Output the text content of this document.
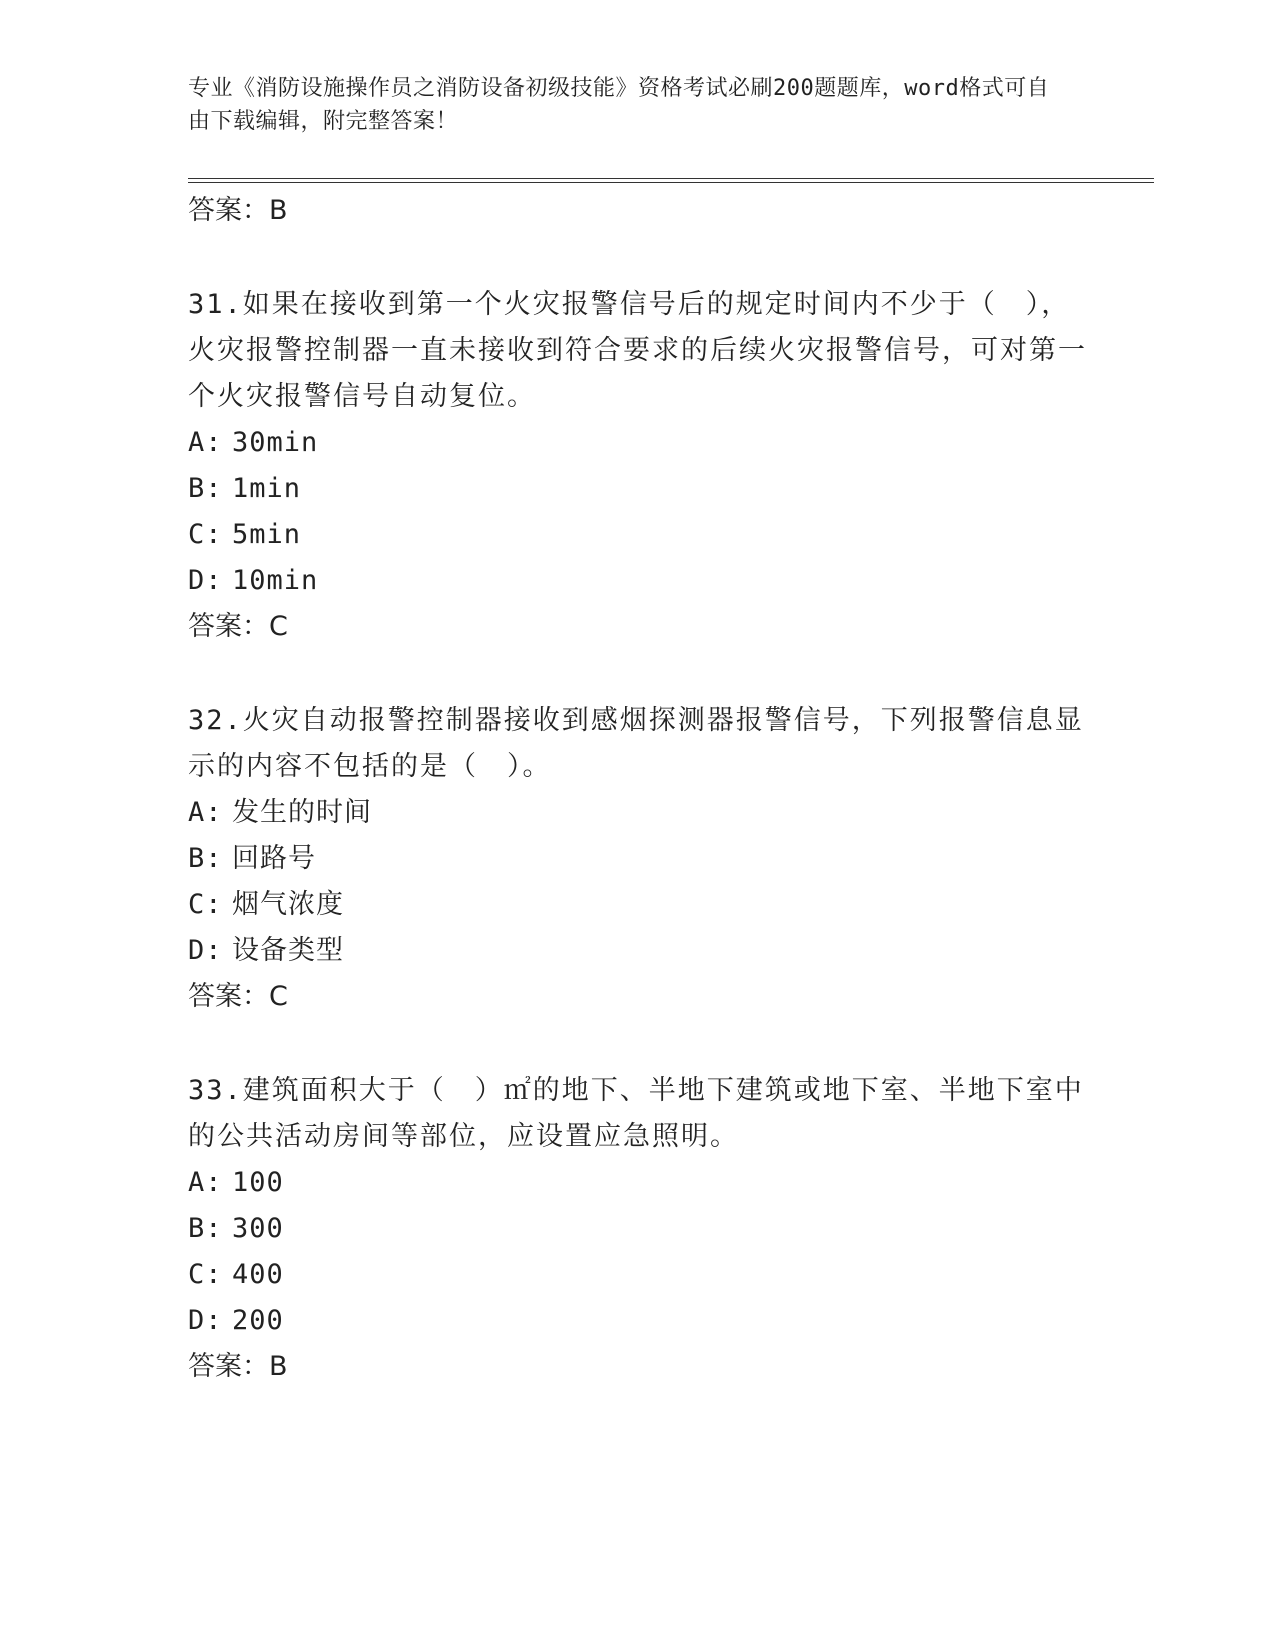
专业《消防设施操作员之消防设备初级技能》资格考试必刷200题题库，word格式可自由下载编辑，附完整答案！

答案：B

31.如果在接收到第一个火灾报警信号后的规定时间内不少于（　），火灾报警控制器一直未接收到符合要求的后续火灾报警信号，可对第一个火灾报警信号自动复位。

A: 30min

B: 1min

C: 5min

D: 10min

答案：C

32.火灾自动报警控制器接收到感烟探测器报警信号，下列报警信息显示的内容不包括的是（　）。

A: 发生的时间

B: 回路号

C: 烟气浓度

D: 设备类型

答案：C

33.建筑面积大于（　）㎡的地下、半地下建筑或地下室、半地下室中的公共活动房间等部位，应设置应急照明。

A: 100

B: 300

C: 400

D: 200

答案：B
